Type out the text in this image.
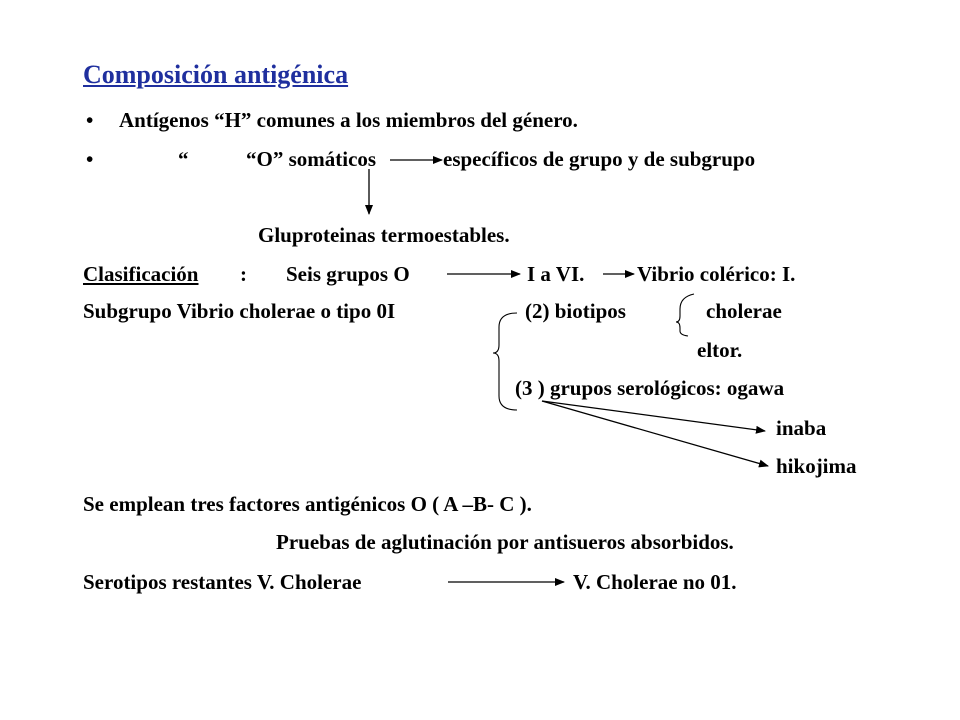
Composición antigénica
• Antígenos “H” comunes a los miembros del género.
•	“	“O” somáticos	específicos de grupo y de subgrupo
Gluproteinas termoestables.
Clasificación : Seis grupos O	I a VI.	Vibrio colérico: I.
Subgrupo Vibrio cholerae o tipo 0I	(2) biotipos	cholerae
eltor.
(3 ) grupos serológicos: ogawa
inaba
hikojima
Se emplean tres factores antigénicos O ( A –B- C ).
Pruebas de aglutinación por antisueros absorbidos.
Serotipos restantes V. Cholerae	V. Cholerae no 01.
